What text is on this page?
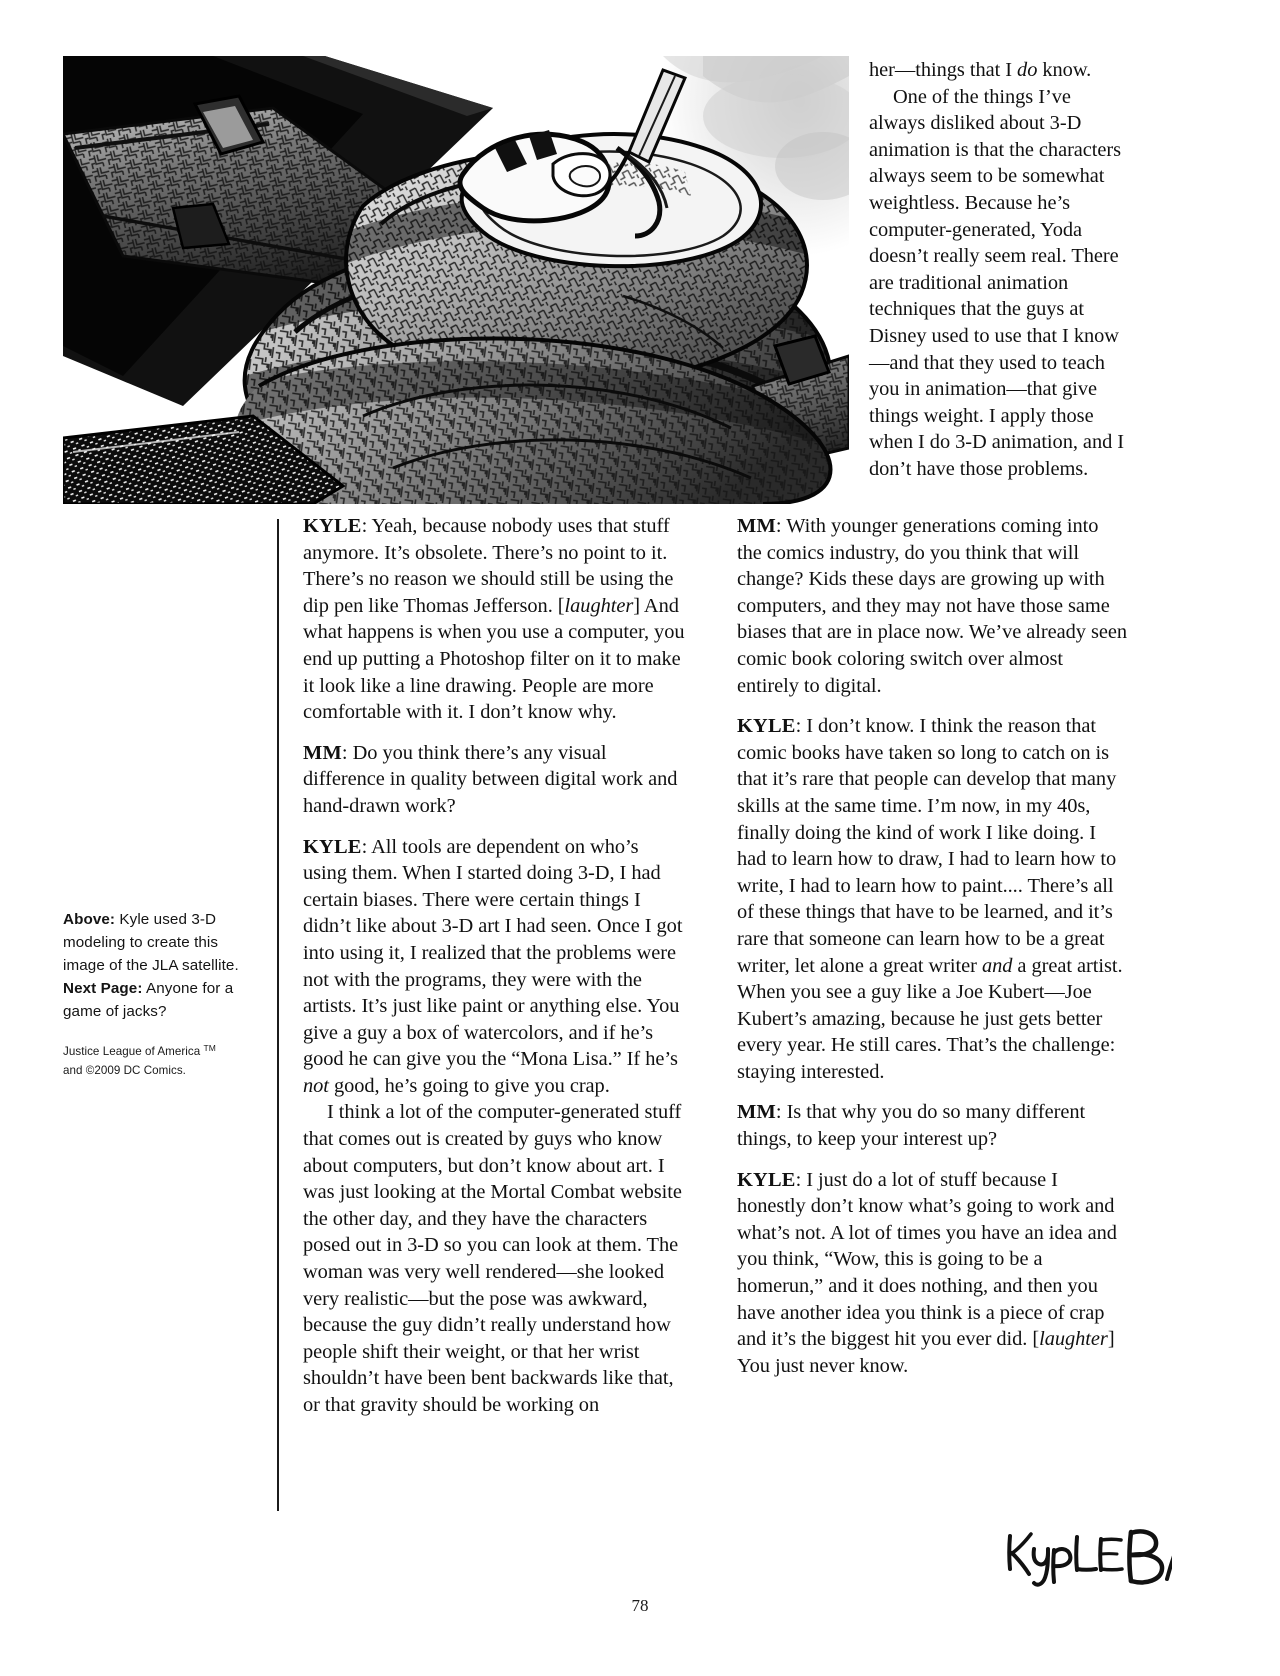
Above: Kyle used 3-D modeling to create this image of the JLA satellite. Next Page: Anyone for a game of jacks?
Justice League of America ™
and ©2009 DC Comics.

her—things that I do know.

One of the things I’ve always disliked about 3-D animation is that the characters always seem to be somewhat weightless. Because he’s computer-generated, Yoda doesn’t really seem real. There are traditional animation techniques that the guys at Disney used to use that I know—and that they used to teach you in animation—that give things weight. I apply those when I do 3-D animation, and I don’t have those problems.

KYLE: Yeah, because nobody uses that stuff anymore. It’s obsolete. There’s no point to it. There’s no reason we should still be using the dip pen like Thomas Jefferson. [laughter] And what happens is when you use a computer, you end up putting a Photoshop filter on it to make it look like a line drawing. People are more comfortable with it. I don’t know why.

MM: Do you think there’s any visual difference in quality between digital work and hand-drawn work?

KYLE: All tools are dependent on who’s using them. When I started doing 3-D, I had certain biases. There were certain things I didn’t like about 3-D art I had seen. Once I got into using it, I realized that the problems were not with the programs, they were with the artists. It’s just like paint or anything else. You give a guy a box of watercolors, and if he’s good he can give you the “Mona Lisa.” If he’s not good, he’s going to give you crap.

I think a lot of the computer-generated stuff that comes out is created by guys who know about computers, but don’t know about art. I was just looking at the Mortal Combat website the other day, and they have the characters posed out in 3-D so you can look at them. The woman was very well rendered—she looked very realistic—but the pose was awkward, because the guy didn’t really understand how people shift their weight, or that her wrist shouldn’t have been bent backwards like that, or that gravity should be working on

MM: With younger generations coming into the comics industry, do you think that will change? Kids these days are growing up with computers, and they may not have those same biases that are in place now. We’ve already seen comic book coloring switch over almost entirely to digital.

KYLE: I don’t know. I think the reason that comic books have taken so long to catch on is that it’s rare that people can develop that many skills at the same time. I’m now, in my 40s, finally doing the kind of work I like doing. I had to learn how to draw, I had to learn how to write, I had to learn how to paint.... There’s all of these things that have to be learned, and it’s rare that someone can learn how to be a great writer, let alone a great writer and a great artist. When you see a guy like a Joe Kubert—Joe Kubert’s amazing, because he just gets better every year. He still cares. That’s the challenge: staying interested.

MM: Is that why you do so many different things, to keep your interest up?

KYLE: I just do a lot of stuff because I honestly don’t know what’s going to work and what’s not. A lot of times you have an idea and you think, “Wow, this is going to be a homerun,” and it does nothing, and then you have another idea you think is a piece of crap and it’s the biggest hit you ever did. [laughter] You just never know.

78
